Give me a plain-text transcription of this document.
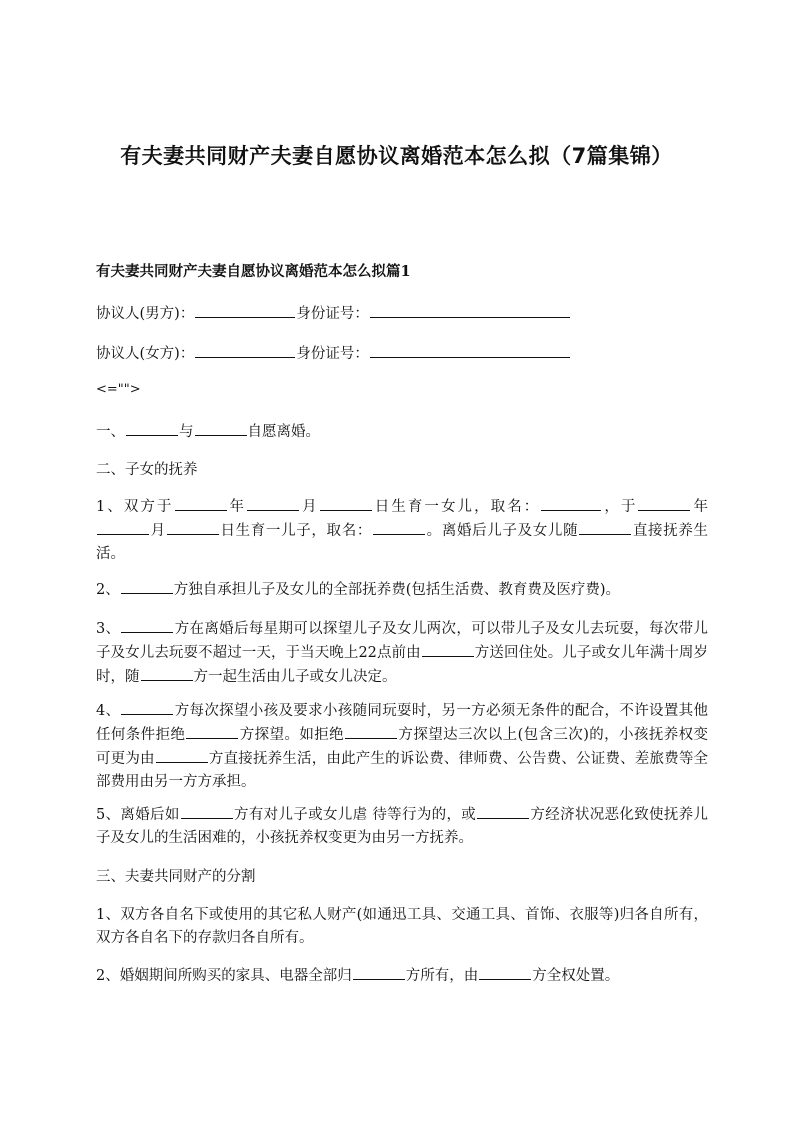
有夫妻共同财产夫妻自愿协议离婚范本怎么拟（7篇集锦）
有夫妻共同财产夫妻自愿协议离婚范本怎么拟篇1
协议人(男方)：	身份证号：
协议人(女方)：	身份证号：
<="">
一、	与	自愿离婚。
二、子女的抚养
1、双方于	年	月	日生育一女儿，取名：	，于	年月	日生育一儿子，取名：	。离婚后儿子及女儿随	直接抚养生活。
2、	方独自承担儿子及女儿的全部抚养费(包括生活费、教育费及医疗费)。
3、	方在离婚后每星期可以探望儿子及女儿两次，可以带儿子及女儿去玩耍，每次带儿子及女儿去玩耍不超过一天，于当天晚上22点前由	方送回住处。儿子或女儿年满十周岁时，随	方一起生活由儿子或女儿决定。
4、	方每次探望小孩及要求小孩随同玩耍时，另一方必须无条件的配合，不许设置其他任何条件拒绝	方探望。如拒绝	方探望达三次以上(包含三次)的，小孩抚养权变可更为由	方直接抚养生活，由此产生的诉讼费、律师费、公告费、公证费、差旅费等全部费用由另一方方承担。
5、离婚后如	方有对儿子或女儿虐 待等行为的，或	方经济状况恶化致使抚养儿子及女儿的生活困难的，小孩抚养权变更为由另一方抚养。
三、夫妻共同财产的分割
1、双方各自名下或使用的其它私人财产(如通迅工具、交通工具、首饰、衣服等)归各自所有，双方各自名下的存款归各自所有。
2、婚姻期间所购买的家具、电器全部归	方所有，由	方全权处置。
